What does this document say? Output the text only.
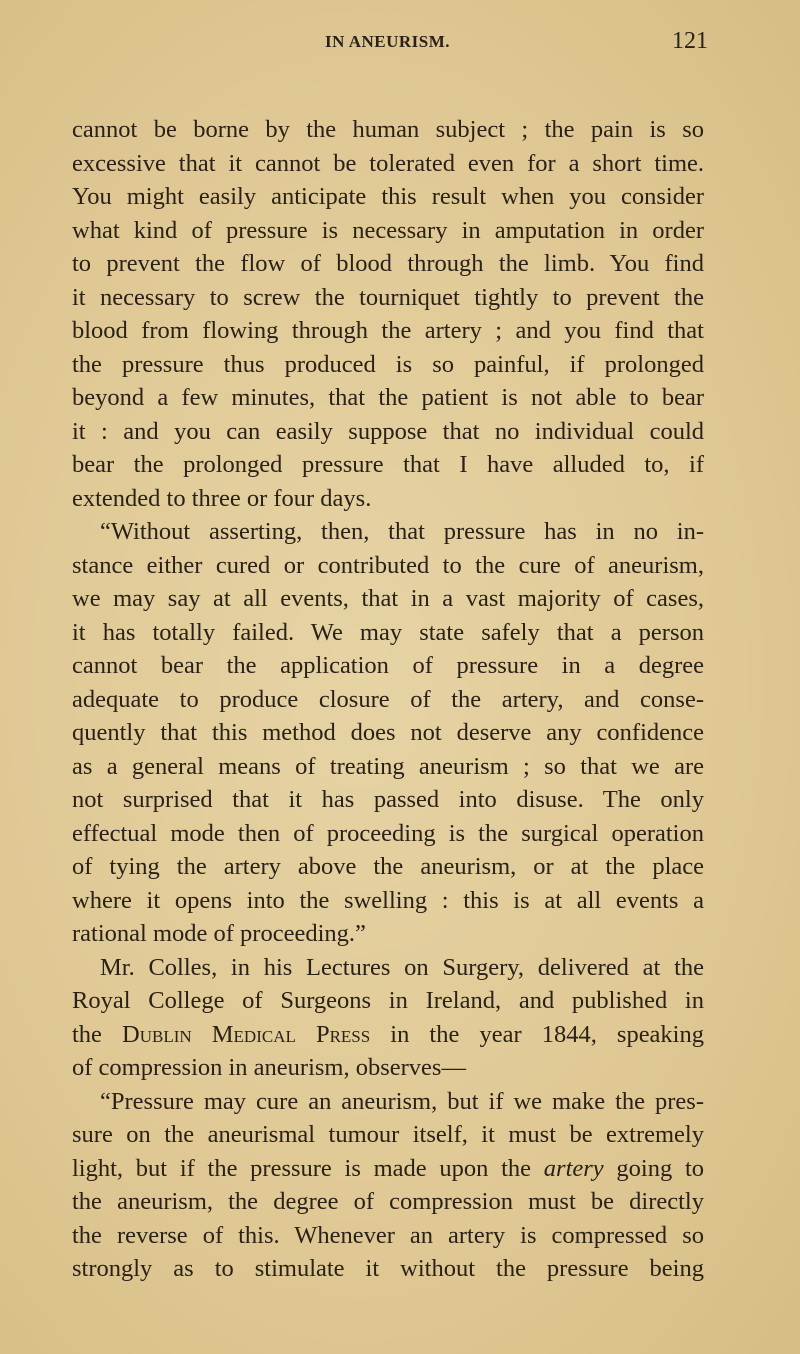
IN ANEURISM.	121
cannot be borne by the human subject ; the pain is so
excessive that it cannot be tolerated even for a short time.
You might easily anticipate this result when you consider
what kind of pressure is necessary in amputation in order
to prevent the flow of blood through the limb. You find
it necessary to screw the tourniquet tightly to prevent the
blood from flowing through the artery ; and you find that
the pressure thus produced is so painful, if prolonged
beyond a few minutes, that the patient is not able to bear
it : and you can easily suppose that no individual could
bear the prolonged pressure that I have alluded to, if
extended to three or four days.
“Without asserting, then, that pressure has in no in-
stance either cured or contributed to the cure of aneurism,
we may say at all events, that in a vast majority of cases,
it has totally failed. We may state safely that a person
cannot bear the application of pressure in a degree
adequate to produce closure of the artery, and conse-
quently that this method does not deserve any confidence
as a general means of treating aneurism ; so that we are
not surprised that it has passed into disuse. The only
effectual mode then of proceeding is the surgical operation
of tying the artery above the aneurism, or at the place
where it opens into the swelling : this is at all events a
rational mode of proceeding.”
Mr. Colles, in his Lectures on Surgery, delivered at the
Royal College of Surgeons in Ireland, and published in
the Dublin Medical Press in the year 1844, speaking
of compression in aneurism, observes—
“Pressure may cure an aneurism, but if we make the pres-
sure on the aneurismal tumour itself, it must be extremely
light, but if the pressure is made upon the artery going to
the aneurism, the degree of compression must be directly
the reverse of this. Whenever an artery is compressed so
strongly as to stimulate it without the pressure being
